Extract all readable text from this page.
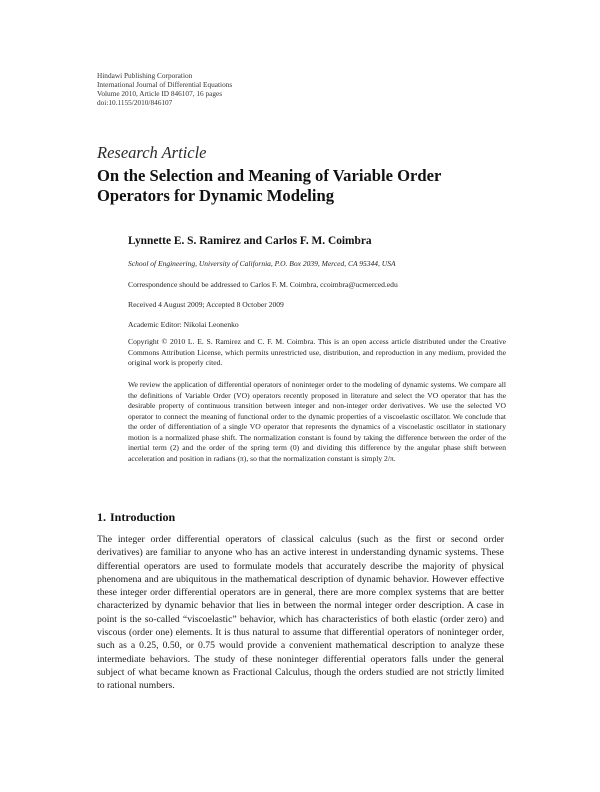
Hindawi Publishing Corporation
International Journal of Differential Equations
Volume 2010, Article ID 846107, 16 pages
doi:10.1155/2010/846107
Research Article
On the Selection and Meaning of Variable Order Operators for Dynamic Modeling
Lynnette E. S. Ramirez and Carlos F. M. Coimbra
School of Engineering, University of California, P.O. Box 2039, Merced, CA 95344, USA
Correspondence should be addressed to Carlos F. M. Coimbra, ccoimbra@ucmerced.edu
Received 4 August 2009; Accepted 8 October 2009
Academic Editor: Nikolai Leonenko
Copyright © 2010 L. E. S. Ramirez and C. F. M. Coimbra. This is an open access article distributed under the Creative Commons Attribution License, which permits unrestricted use, distribution, and reproduction in any medium, provided the original work is properly cited.
We review the application of differential operators of noninteger order to the modeling of dynamic systems. We compare all the definitions of Variable Order (VO) operators recently proposed in literature and select the VO operator that has the desirable property of continuous transition between integer and non-integer order derivatives. We use the selected VO operator to connect the meaning of functional order to the dynamic properties of a viscoelastic oscillator. We conclude that the order of differentiation of a single VO operator that represents the dynamics of a viscoelastic oscillator in stationary motion is a normalized phase shift. The normalization constant is found by taking the difference between the order of the inertial term (2) and the order of the spring term (0) and dividing this difference by the angular phase shift between acceleration and position in radians (π), so that the normalization constant is simply 2/π.
1. Introduction
The integer order differential operators of classical calculus (such as the first or second order derivatives) are familiar to anyone who has an active interest in understanding dynamic systems. These differential operators are used to formulate models that accurately describe the majority of physical phenomena and are ubiquitous in the mathematical description of dynamic behavior. However effective these integer order differential operators are in general, there are more complex systems that are better characterized by dynamic behavior that lies in between the normal integer order description. A case in point is the so-called “viscoelastic” behavior, which has characteristics of both elastic (order zero) and viscous (order one) elements. It is thus natural to assume that differential operators of noninteger order, such as a 0.25, 0.50, or 0.75 would provide a convenient mathematical description to analyze these intermediate behaviors. The study of these noninteger differential operators falls under the general subject of what became known as Fractional Calculus, though the orders studied are not strictly limited to rational numbers.
